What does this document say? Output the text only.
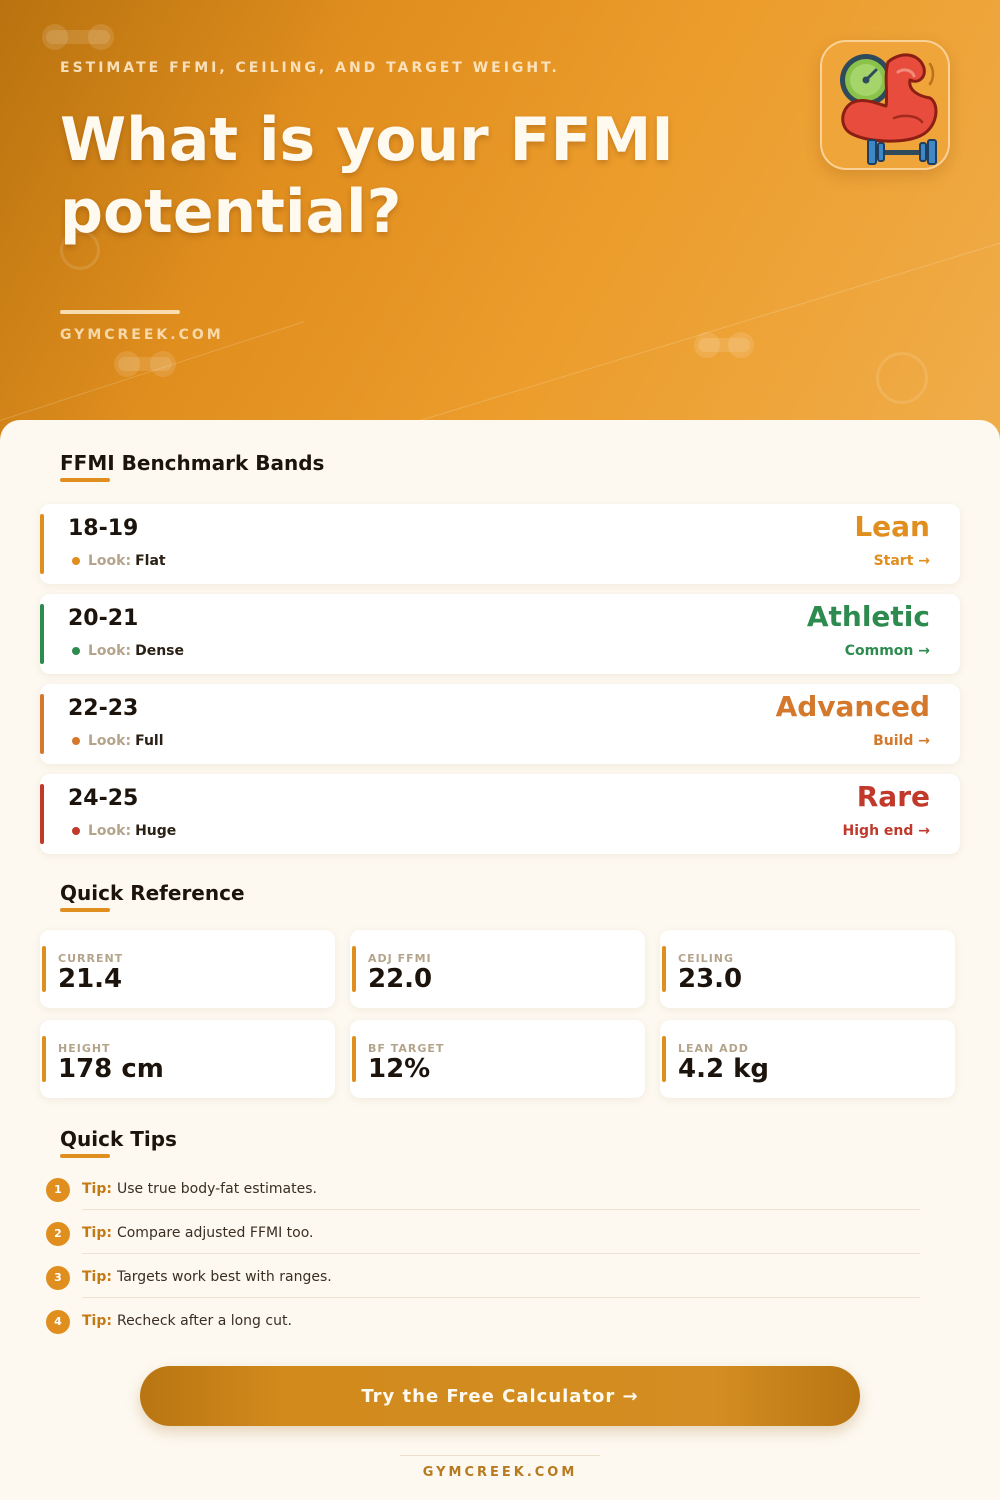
ESTIMATE FFMI, CEILING, AND TARGET WEIGHT.
What is your FFMI potential?
GYMCREEK.COM
FFMI Benchmark Bands
18-19
Look: Flat
Lean
Start →
20-21
Look: Dense
Athletic
Common →
22-23
Look: Full
Advanced
Build →
24-25
Look: Huge
Rare
High end →
Quick Reference
CURRENT
21.4
ADJ FFMI
22.0
CEILING
23.0
HEIGHT
178 cm
BF TARGET
12%
LEAN ADD
4.2 kg
Quick Tips
1	Tip: Use true body-fat estimates.
2	Tip: Compare adjusted FFMI too.
3	Tip: Targets work best with ranges.
4	Tip: Recheck after a long cut.
Try the Free Calculator →
GYMCREEK.COM
